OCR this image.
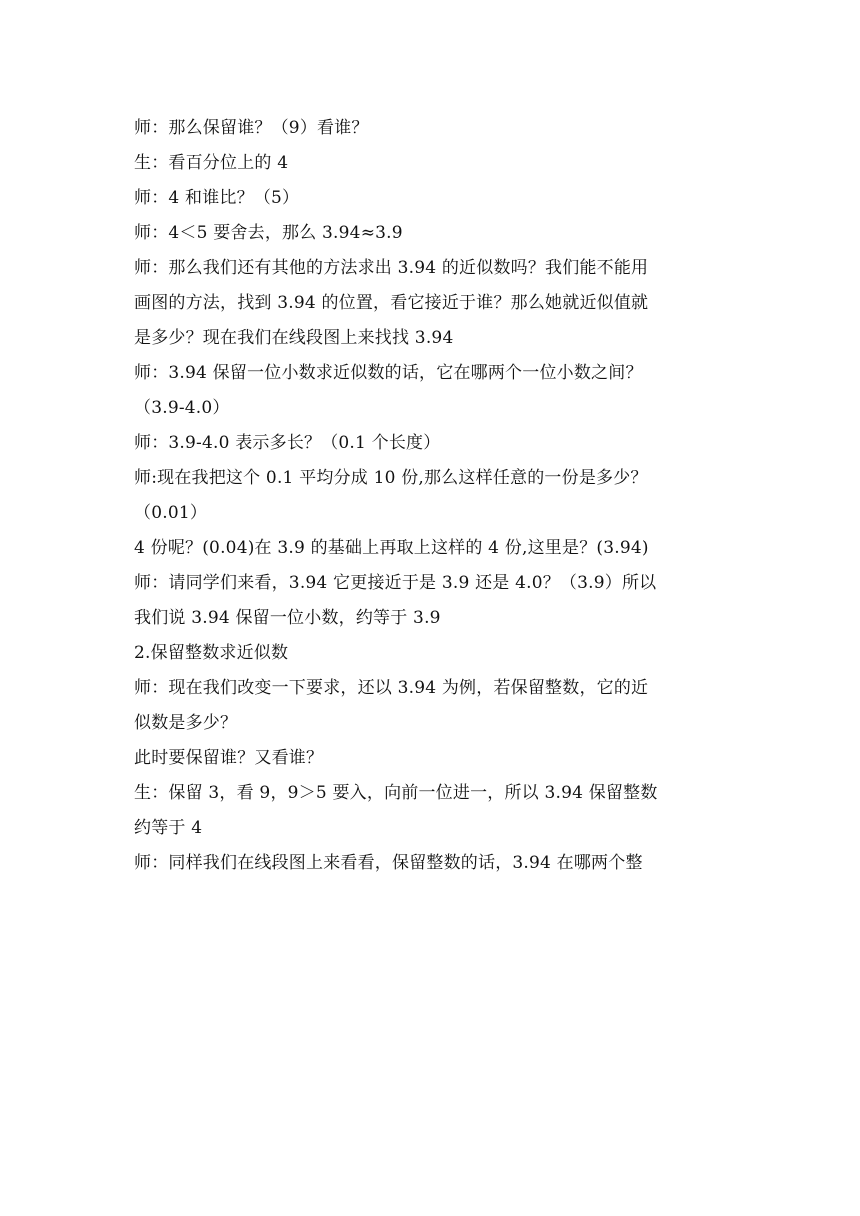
师：那么保留谁？（9）看谁？

生：看百分位上的 4

师：4 和谁比？（5）

师：4＜5 要舍去，那么 3.94≈3.9

师：那么我们还有其他的方法求出 3.94 的近似数吗？我们能不能用

画图的方法，找到 3.94 的位置，看它接近于谁？那么她就近似值就

是多少？现在我们在线段图上来找找 3.94

师：3.94 保留一位小数求近似数的话，它在哪两个一位小数之间？

（3.9-4.0）

师：3.9-4.0 表示多长？（0.1 个长度）

师:现在我把这个 0.1 平均分成 10 份,那么这样任意的一份是多少？

（0.01）

4 份呢？(0.04)在 3.9 的基础上再取上这样的 4 份,这里是？(3.94)

师：请同学们来看，3.94 它更接近于是 3.9 还是 4.0？（3.9）所以

我们说 3.94 保留一位小数，约等于 3.9

2.保留整数求近似数

师：现在我们改变一下要求，还以 3.94 为例，若保留整数，它的近

似数是多少？

此时要保留谁？又看谁？

生：保留 3，看 9，9＞5 要入，向前一位进一，所以 3.94 保留整数

约等于 4

师：同样我们在线段图上来看看，保留整数的话，3.94 在哪两个整
